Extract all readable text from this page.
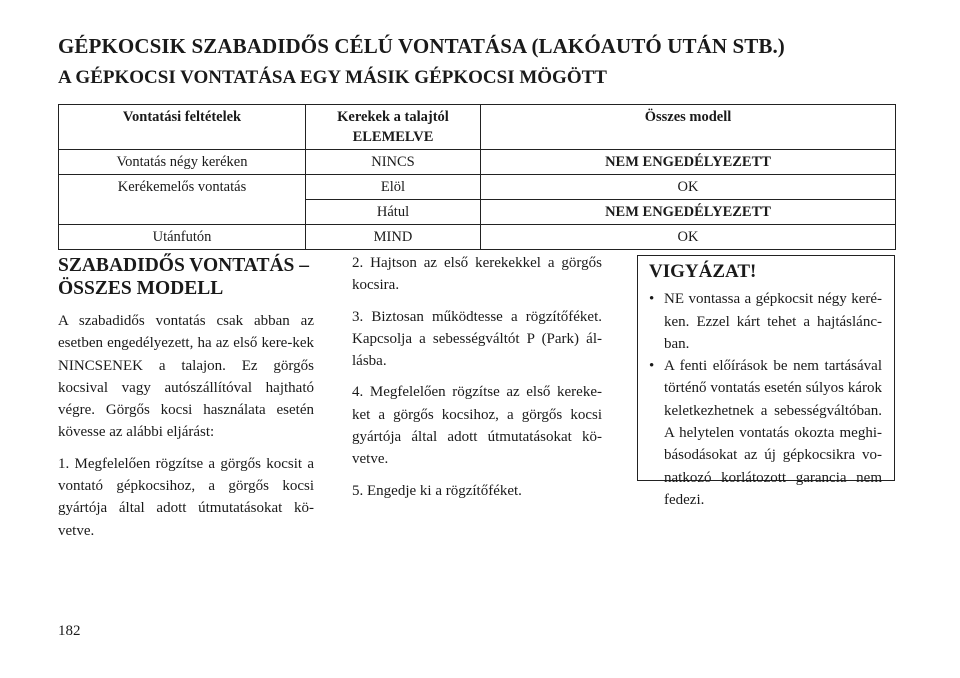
GÉPKOCSIK SZABADIDŐS CÉLÚ VONTATÁSA (LAKÓAUTÓ UTÁN STB.)
A GÉPKOCSI VONTATÁSA EGY MÁSIK GÉPKOCSI MÖGÖTT
Vontatási feltételek	Kerekek a talajtól ELEMELVE	Összes modell
Vontatás négy keréken	NINCS	NEM ENGEDÉLYEZETT
Kerékemelős vontatás	Elöl	OK
	Hátul	NEM ENGEDÉLYEZETT
Utánfutón	MIND	OK
SZABADIDŐS VONTATÁS – ÖSSZES MODELL

A szabadidős vontatás csak abban az esetben engedélyezett, ha az első kere-kek NINCSENEK a talajon. Ez görgős kocsival vagy autószállítóval hajtható végre. Görgős kocsi használata esetén kövesse az alábbi eljárást:

1. Megfelelően rögzítse a görgős kocsit a vontató gépkocsihoz, a görgős kocsi gyártója által adott útmutatásokat kö-vetve.

2. Hajtson az első kerekekkel a görgős kocsira.

3. Biztosan működtesse a rögzítőféket. Kapcsolja a sebességváltót P (Park) ál-lásba.

4. Megfelelően rögzítse az első kereke-ket a görgős kocsihoz, a görgős kocsi gyártója által adott útmutatásokat kö-vetve.

5. Engedje ki a rögzítőféket.

VIGYÁZAT!
• NE vontassa a gépkocsit négy keré-ken. Ezzel kárt tehet a hajtáslánc-ban.
• A fenti előírások be nem tartásával történő vontatás esetén súlyos károk keletkezhetnek a sebességváltóban. A helytelen vontatás okozta meghi-básodásokat az új gépkocsikra vo-natkozó korlátozott garancia nem fedezi.
182
